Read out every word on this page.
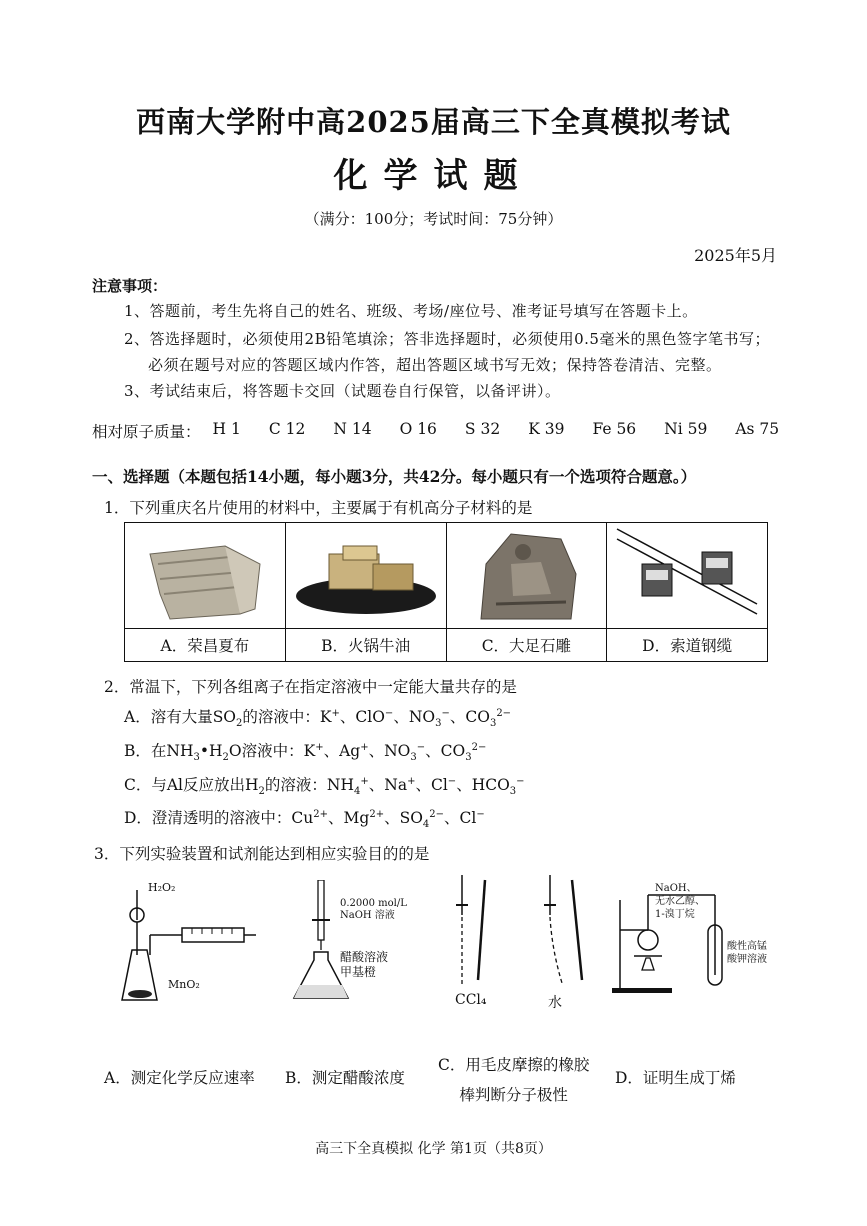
西南大学附中高2025届高三下全真模拟考试
化学试题
（满分：100分；考试时间：75分钟）
2025年5月
注意事项：
1、答题前，考生先将自己的姓名、班级、考场/座位号、准考证号填写在答题卡上。
2、答选择题时，必须使用2B铅笔填涂；答非选择题时，必须使用0.5毫米的黑色签字笔书写；
必须在题号对应的答题区域内作答，超出答题区域书写无效；保持答卷清洁、完整。
3、考试结束后，将答题卡交回（试题卷自行保管，以备评讲）。
相对原子质量： H 1 C 12 N 14 O 16 S 32 K 39 Fe 56 Ni 59 As 75
一、选择题（本题包括14小题，每小题3分，共42分。每小题只有一个选项符合题意。）
1．下列重庆名片使用的材料中，主要属于有机高分子材料的是

A．荣昌夏布	B．火锅牛油	C．大足石雕	D．索道钢缆
2．常温下，下列各组离子在指定溶液中一定能大量共存的是
A．溶有大量$SO_2$的溶液中：K+、ClO−、$NO_3^-$、$CO_3^{2-}$
B．在$NH_3•H_2O$溶液中：K+、Ag+、$NO_3^-$、$CO_3^{2-}$
C．与Al反应放出$H_2$的溶液：$NH_4^+$、Na+、Cl−、$HCO_3^-$
D．澄清透明的溶液中：$Cu^{2+}$、$Mg^{2+}$、$SO_4^{2-}$、Cl−
3．下列实验装置和试剂能达到相应实验目的的是
H₂O₂
MnO₂
0.2000 mol/L
NaOH 溶液
醋酸溶液
甲基橙
CCl₄	水
NaOH、
无水乙醇、
1-溴丁烷
酸性高锰
酸钾溶液
A．测定化学反应速率 B．测定醋酸浓度
C．用毛皮摩擦的橡胶
棒判断分子极性
D．证明生成丁烯
高三下全真模拟 化学 第1页（共8页）
